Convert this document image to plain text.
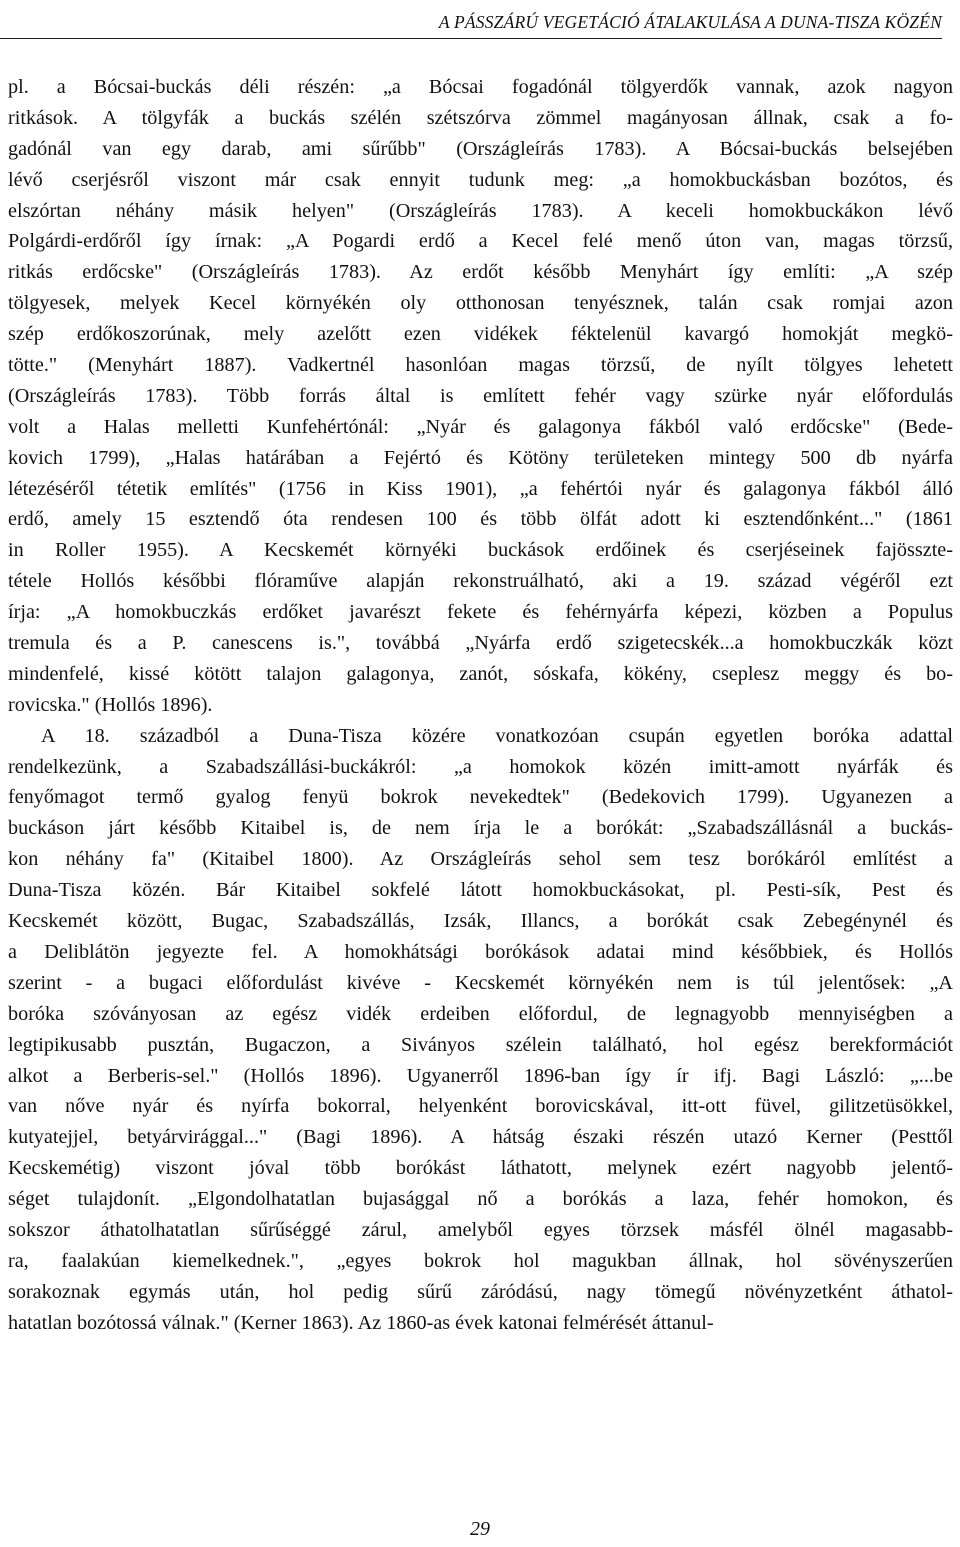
A PÁSSZÁRÚ VEGETÁCIÓ ÁTALAKULÁSA A DUNA-TISZA KÖZÉN
pl. a Bócsai-buckás déli részén: „a Bócsai fogadónál tölgyerdők vannak, azok nagyon
ritkások. A tölgyfák a buckás szélén szétszórva zömmel magányosan állnak, csak a fo-
gadónál van egy darab, ami sűrűbb" (Országleírás 1783). A Bócsai-buckás belsejében
lévő cserjésről viszont már csak ennyit tudunk meg: „a homokbuckásban bozótos, és
elszórtan néhány másik helyen" (Országleírás 1783). A keceli homokbuckákon lévő
Polgárdi-erdőről így írnak: „A Pogardi erdő a Kecel felé menő úton van, magas törzsű,
ritkás erdőcske" (Országleírás 1783). Az erdőt később Menyhárt így említi: „A szép
tölgyesek, melyek Kecel környékén oly otthonosan tenyésznek, talán csak romjai azon
szép erdőkoszorúnak, mely azelőtt ezen vidékek féktelenül kavargó homokját megkö-
tötte." (Menyhárt 1887). Vadkertnél hasonlóan magas törzsű, de nyílt tölgyes lehetett
(Országleírás 1783). Több forrás által is említett fehér vagy szürke nyár előfordulás
volt a Halas melletti Kunfehértónál: „Nyár és galagonya fákból való erdőcske" (Bede-
kovich 1799), „Halas határában a Fejértó és Kötöny területeken mintegy 500 db nyárfa
létezéséről tétetik említés" (1756 in Kiss 1901), „a fehértói nyár és galagonya fákból álló
erdő, amely 15 esztendő óta rendesen 100 és több ölfát adott ki esztendőnként..." (1861
in Roller 1955). A Kecskemét környéki buckások erdőinek és cserjéseinek fajösszte-
tétele Hollós későbbi flóraműve alapján rekonstruálható, aki a 19. század végéről ezt
írja: „A homokbuczkás erdőket javarészt fekete és fehérnyárfa képezi, közben a Populus
tremula és a P. canescens is.", továbbá „Nyárfa erdő szigetecskék...a homokbuczkák közt
mindenfelé, kissé kötött talajon galagonya, zanót, sóskafa, kökény, cseplesz meggy és bo-
rovicska." (Hollós 1896).
A 18. századból a Duna-Tisza közére vonatkozóan csupán egyetlen boróka adattal
rendelkezünk, a Szabadszállási-buckákról: „a homokok közén imitt-amott nyárfák és
fenyőmagot termő gyalog fenyü bokrok nevekedtek" (Bedekovich 1799). Ugyanezen a
buckáson járt később Kitaibel is, de nem írja le a borókát: „Szabadszállásnál a buckás-
kon néhány fa" (Kitaibel 1800). Az Országleírás sehol sem tesz borókáról említést a
Duna-Tisza közén. Bár Kitaibel sokfelé látott homokbuckásokat, pl. Pesti-sík, Pest és
Kecskemét között, Bugac, Szabadszállás, Izsák, Illancs, a borókát csak Zebegénynél és
a Deliblátön jegyezte fel. A homokhátsági borókások adatai mind későbbiek, és Hollós
szerint - a bugaci előfordulást kivéve - Kecskemét környékén nem is túl jelentősek: „A
boróka szóványosan az egész vidék erdeiben előfordul, de legnagyobb mennyiségben a
legtipikusabb pusztán, Bugaczon, a Siványos szélein található, hol egész berekformációt
alkot a Berberis-sel." (Hollós 1896). Ugyanerről 1896-ban így ír ifj. Bagi László: „...be
van nőve nyár és nyírfa bokorral, helyenként borovicskával, itt-ott füvel, gilitzetüsökkel,
kutyatejjel, betyárvirággal..." (Bagi 1896). A hátság északi részén utazó Kerner (Pesttől
Kecskemétig) viszont jóval több borókást láthatott, melynek ezért nagyobb jelentő-
séget tulajdonít. „Elgondolhatatlan bujasággal nő a borókás a laza, fehér homokon, és
sokszor áthatolhatatlan sűrűséggé zárul, amelyből egyes törzsek másfél ölnél magasabb-
ra, faalakúan kiemelkednek.", „egyes bokrok hol magukban állnak, hol sövényszerűen
sorakoznak egymás után, hol pedig sűrű záródású, nagy tömegű növényzetként áthatol-
hatatlan bozótossá válnak." (Kerner 1863). Az 1860-as évek katonai felmérését áttanul-
29
